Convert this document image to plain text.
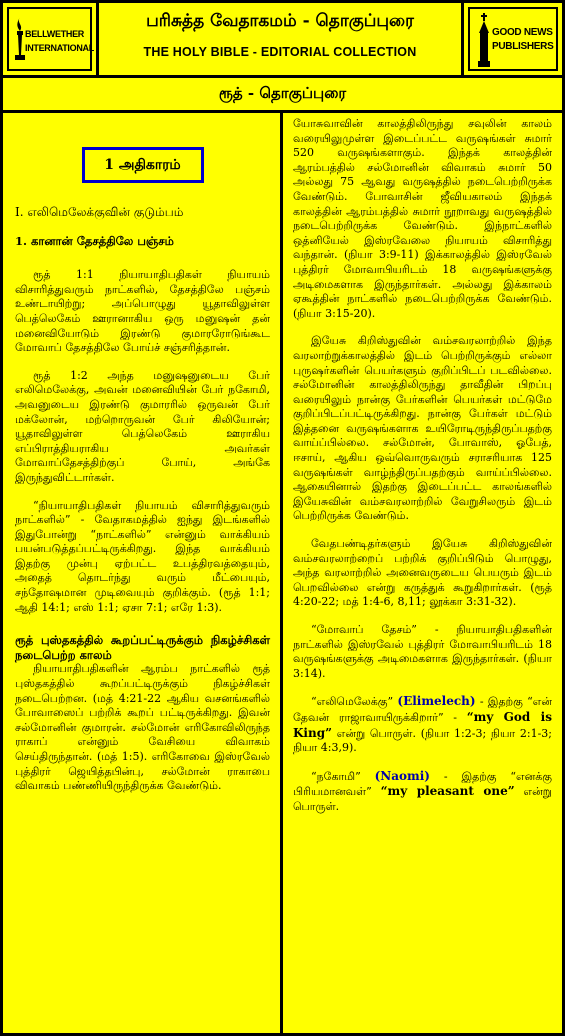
BELLWETHER
INTERNATIONAL
பரிசுத்த வேதாகமம் - தொகுப்புரை
THE HOLY BIBLE - EDITORIAL COLLECTION
GOOD NEWS
PUBLISHERS
ரூத் - தொகுப்புரை
1 அதிகாரம்
I. எலிமெலேக்குவின் குடும்பம்
1. கானான் தேசத்திலே பஞ்சம்

ரூத் 1:1 நியாயாதிபதிகள் நியாயம் விசாரித்துவரும் நாட்களில், தேசத்திலே பஞ்சம் உண்டாயிற்று; அப்பொழுது யூதாவிலுள்ள பெத்லெகேம் ஊரானாகிய ஒரு மனுஷன் தன் மனைவியோடும் இரண்டு குமாரரோடுங்கூட மோவாப் தேசத்திலே போய்ச் சஞ்சரித்தான்.

ரூத் 1:2 அந்த மனுஷனுடைய பேர் எலிமெலேக்கு, அவன் மனைவியின் பேர் நகோமி, அவனுடைய இரண்டு குமாரரில் ஒருவன் பேர் மக்லோன், மற்றொருவன் பேர் கிலியோன்; யூதாவிலுள்ள பெத்லெகேம் ஊராகிய எப்பிராத்தியராகிய அவர்கள் மோவாப்தேசத்திற்குப் போய், அங்கே இருந்துவிட்டார்கள்.

“நியாயாதிபதிகள் நியாயம் விசாரித்துவரும் நாட்களில்” - வேதாகமத்தில் ஐந்து இடங்களில் இதுபோன்று “நாட்களில்” என்னும் வாக்கியம் பயன்படுத்தப்பட்டிருக்கிறது. இந்த வாக்கியம் இதற்கு முன்பு ஏற்பட்ட உபத்திரவத்தையும், அதைத் தொடர்ந்து வரும் மீட்பையும், சந்தோஷமான முடிவையும் குறிக்கும். (ரூத் 1:1; ஆதி 14:1; எஸ் 1:1; ஏசா 7:1; எரே 1:3).

ரூத் புஸ்தகத்தில் கூறப்பட்டிருக்கும் நிகழ்ச்சிகள் நடைபெற்ற காலம்

நியாயாதிபதிகளின் ஆரம்ப நாட்களில் ரூத் புஸ்தகத்தில் கூறப்பட்டிருக்கும் நிகழ்ச்சிகள் நடைபெற்றன. (மத் 4:21-22 ஆகிய வசனங்களில் போவாஸைப் பற்றிக் கூறப் பட்டிருக்கிறது. இவன் சல்மோனின் குமாரன். சல்மோன் எரிகோவிலிருந்த ராகாப் என்னும் வேசியை விவாகம் செய்திருந்தான். (மத் 1:5). எரிகோவை இஸ்ரவேல் புத்திரர் ஜெயித்தபின்பு, சல்மோன் ராகாபை விவாகம் பண்ணியிருந்திருக்க வேண்டும்.

யோசுவாவின் காலத்திலிருந்து சவுலின் காலம் வரையிலுமுள்ள இடைப்பட்ட வருஷங்கள் சுமார் 520 வருஷங்களாகும். இந்தக் காலத்தின் ஆரம்பத்தில் சல்மோனின் விவாகம் சுமார் 50 அல்லது 75 ஆவது வருஷத்தில் நடைபெற்றிருக்க வேண்டும். போவாசின் ஜீவியகாலம் இந்தக் காலத்தின் ஆரம்பத்தில் சுமார் நூறாவது வருஷத்தில் நடைபெற்றிருக்க வேண்டும். இந்நாட்களில் ஒத்னியேல் இஸ்ரவேலை நியாயம் விசாரித்து வந்தான். (நியா 3:9-11) இக்காலத்தில் இஸ்ரவேல் புத்திரர் மோவாபியரிடம் 18 வருஷங்களுக்கு அடிமைகளாக இருந்தார்கள். அல்லது இக்காலம் ஏகூத்தின் நாட்களில் நடைபெற்றிருக்க வேண்டும். (நியா 3:15-20).

இயேசு கிறிஸ்துவின் வம்சவரலாற்றில் இந்த வரலாற்றுக்காலத்தில் இடம் பெற்றிருக்கும் எல்லா புருஷர்களின் பெயர்களும் குறிப்பிடப் படவில்லை. சல்மோனின் காலத்திலிருந்து தாவீதின் பிறப்பு வரையிலும் நான்கு பேர்களின் பெயர்கள் மட்டுமே குறிப்பிடப்பட்டிருக்கிறது. நான்கு பேர்கள் மட்டும் இத்தனை வருஷங்களாக உயிரோடிருந்திருப்பதற்கு வாய்ப்பில்லை. சல்மோன், போவாஸ், ஓபேத், ஈசாய், ஆகிய ஒவ்வொருவரும் சராசரியாக 125 வருஷங்கள் வாழ்ந்திருப்பதற்கும் வாய்ப்பில்லை. ஆகையினால் இதற்கு இடைப்பட்ட காலங்களில் இயேசுவின் வம்சவரலாற்றில் வேறுசிலரும் இடம் பெற்றிருக்க வேண்டும்.

வேதபண்டிதர்களும் இயேசு கிறிஸ்துவின் வம்சவரலாற்றைப் பற்றிக் குறிப்பிடும் பொழுது, அந்த வரலாற்றில் அனைவருடைய பெயரும் இடம் பெறவில்லை என்று கருத்துக் கூறுகிறார்கள். (ரூத் 4:20-22; மத் 1:4-6, 8,11; லூக்கா 3:31-32).

“மோவாப் தேசம்” - நியாயாதிபதிகளின் நாட்களில் இஸ்ரவேல் புத்திரர் மோவாபியரிடம் 18 வருஷங்களுக்கு அடிமைகளாக இருந்தார்கள். (நியா 3:14).

“எலிமெலேக்கு” (Elimelech) - இதற்கு “என் தேவன் ராஜாவாயிருக்கிறார்” - “my God is King” என்று பொருள். (நியா 1:2-3; நியா 2:1-3; நியா 4:3,9).

“நகோமி” (Naomi) - இதற்கு “எனக்கு பிரியமானவள்” “my pleasant one” என்று பொருள்.
